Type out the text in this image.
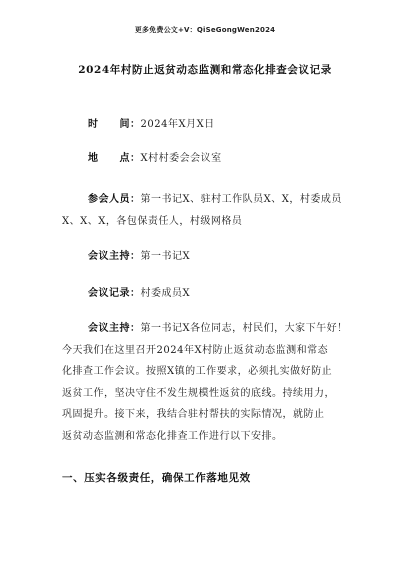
更多免费公文+V：QiSeGongWen2024
2024年村防止返贫动态监测和常态化排查会议记录
时　　间：2024年X月X日
地　　点：X村村委会会议室
参会人员：第一书记X、驻村工作队员X、X，村委成员
X、X、X，各包保责任人，村级网格员
会议主持：第一书记X
会议记录：村委成员X
会议主持：第一书记X各位同志，村民们，大家下午好！
今天我们在这里召开2024年X村防止返贫动态监测和常态
化排查工作会议。按照X镇的工作要求，必须扎实做好防止
返贫工作，坚决守住不发生规模性返贫的底线。持续用力，
巩固提升。接下来，我结合驻村帮扶的实际情况，就防止
返贫动态监测和常态化排查工作进行以下安排。
一、压实各级责任，确保工作落地见效
